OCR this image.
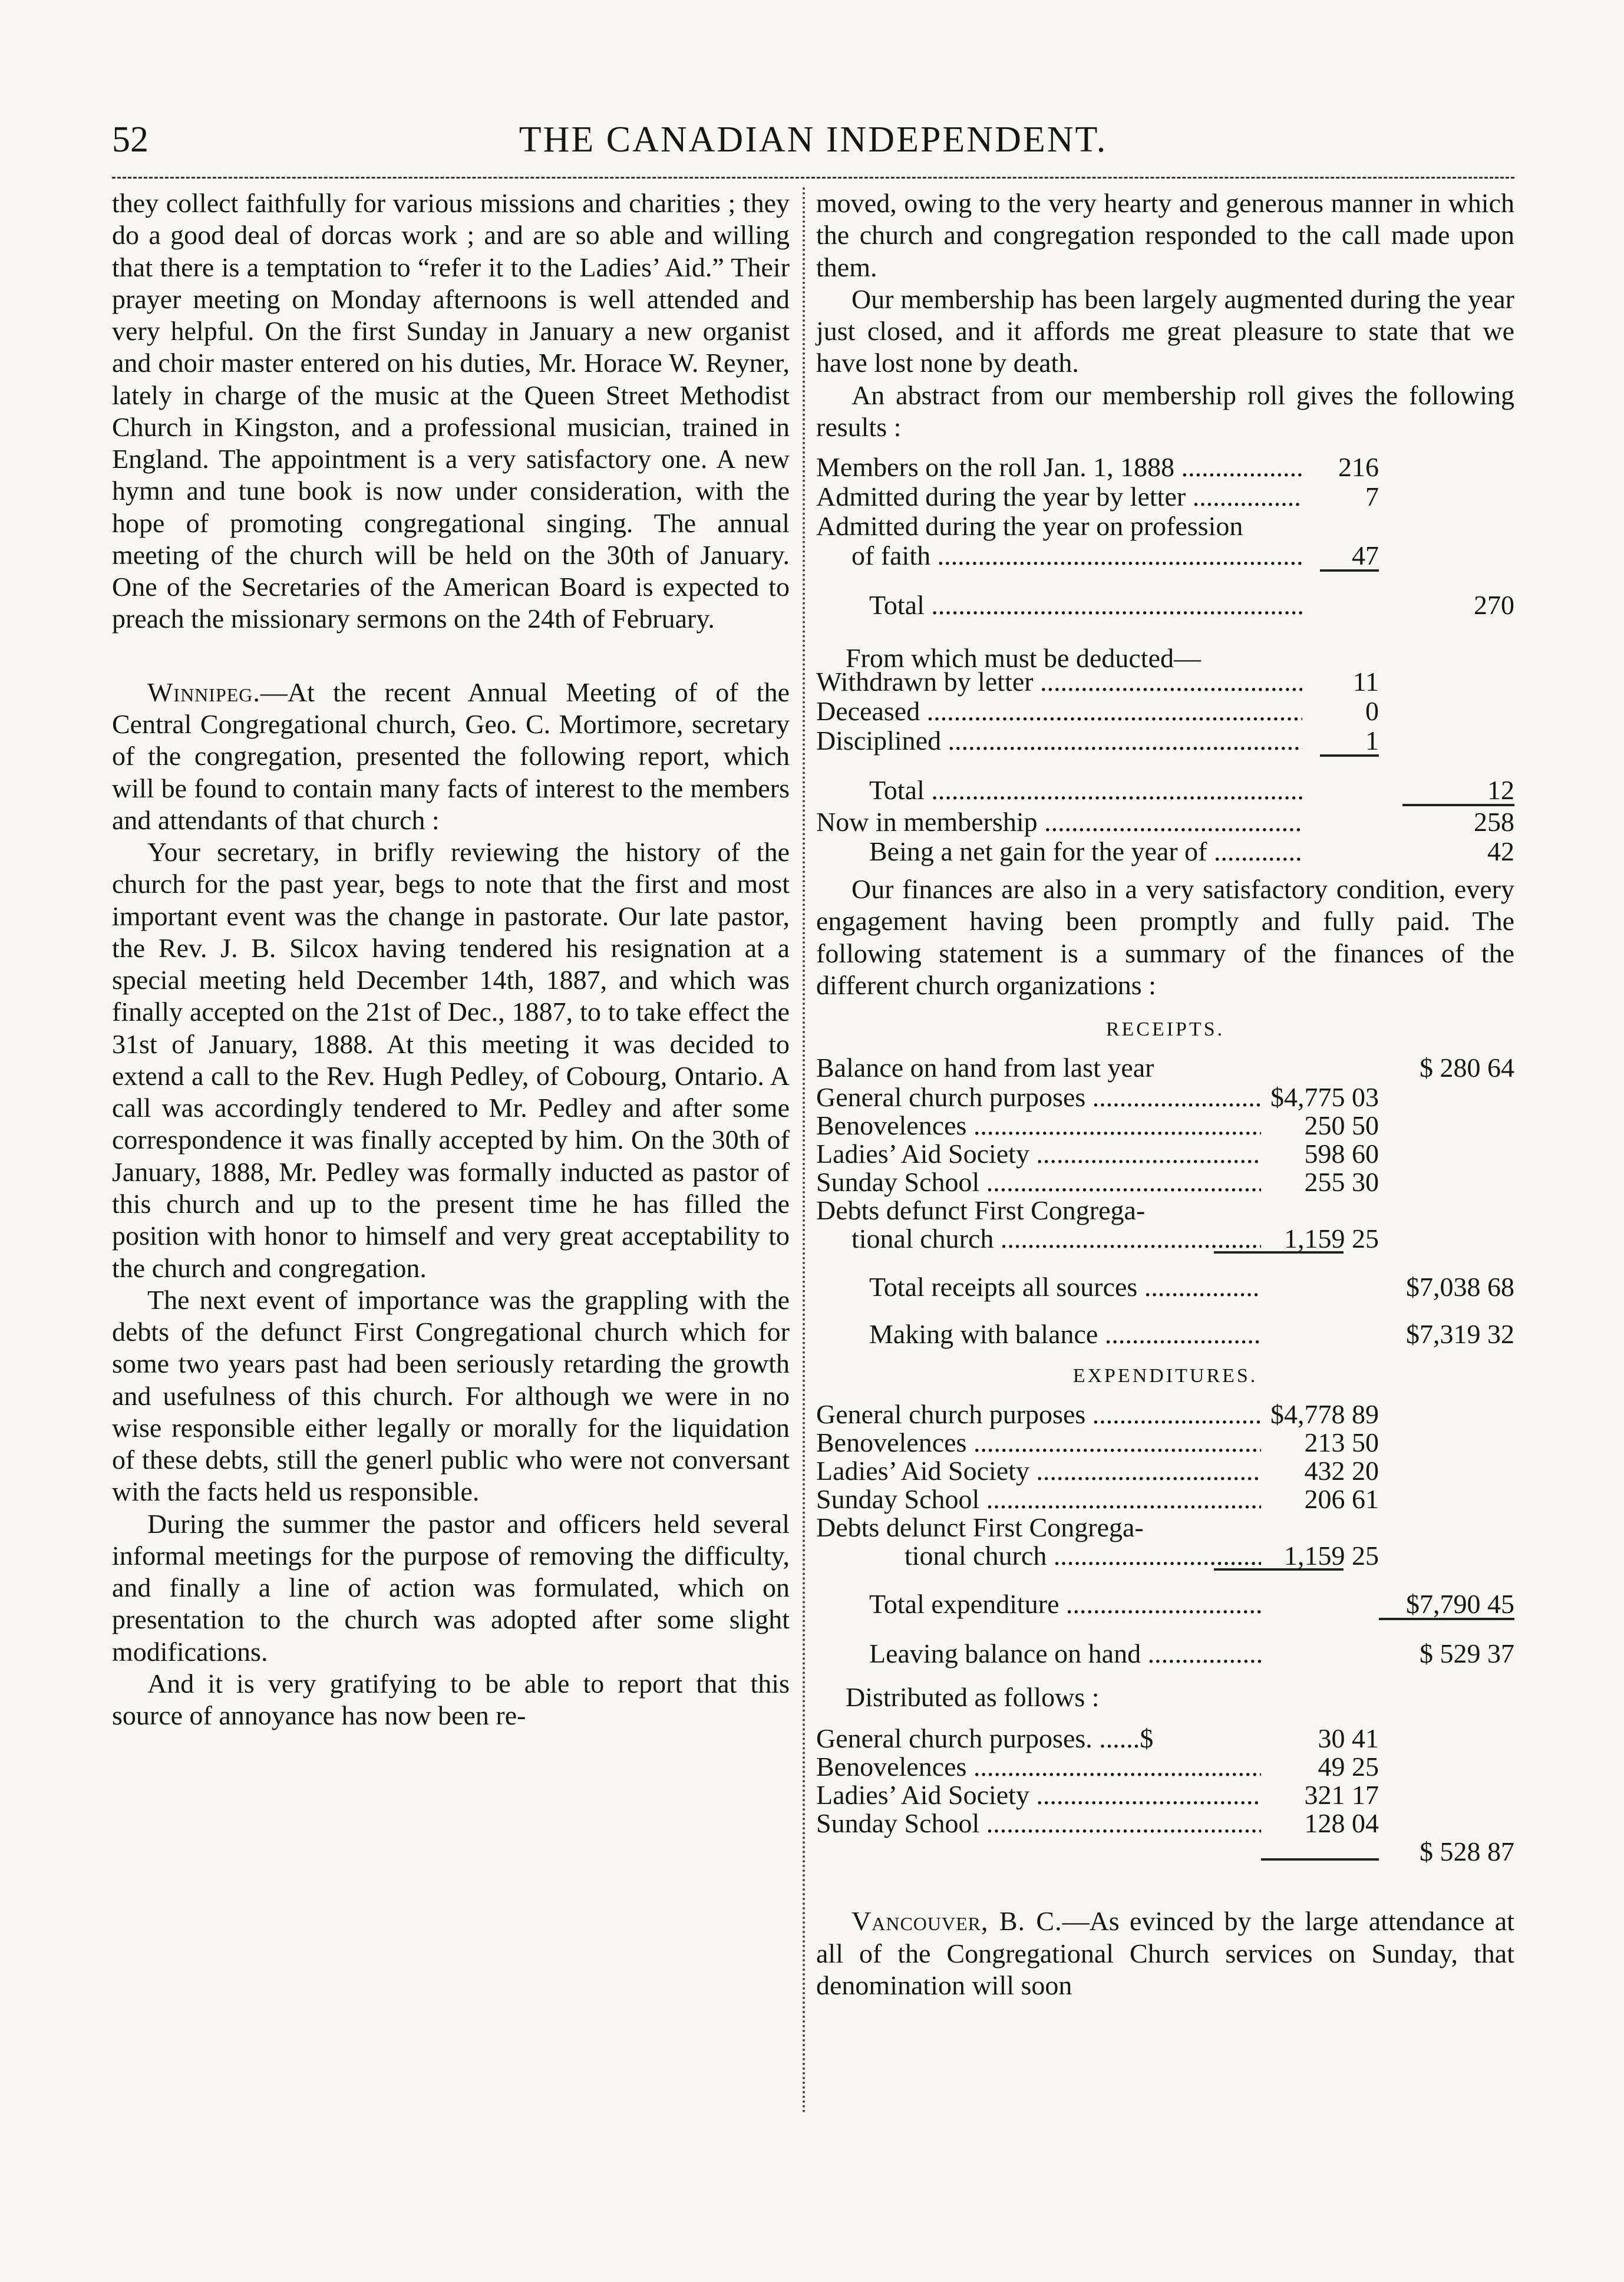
52	THE CANADIAN INDEPENDENT.

they collect faithfully for various missions and charities ; they do a good deal of dorcas work ; and are so able and willing that there is a temptation to “refer it to the Ladies’ Aid.” Their prayer meeting on Monday afternoons is well attended and very helpful. On the first Sunday in January a new organist and choir master entered on his duties, Mr. Horace W. Reyner, lately in charge of the music at the Queen Street Methodist Church in Kingston, and a professional musician, trained in England. The appointment is a very satisfactory one. A new hymn and tune book is now under consideration, with the hope of promoting congregational singing. The annual meeting of the church will be held on the 30th of January. One of the Secretaries of the American Board is expected to preach the missionary sermons on the 24th of February.

Winnipeg.—At the recent Annual Meeting of of the Central Congregational church, Geo. C. Mortimore, secretary of the congregation, presented the following report, which will be found to contain many facts of interest to the members and attendants of that church :

Your secretary, in brifly reviewing the history of the church for the past year, begs to note that the first and most important event was the change in pastorate. Our late pastor, the Rev. J. B. Silcox having tendered his resignation at a special meeting held December 14th, 1887, and which was finally accepted on the 21st of Dec., 1887, to to take effect the 31st of January, 1888. At this meeting it was decided to extend a call to the Rev. Hugh Pedley, of Cobourg, Ontario. A call was accordingly tendered to Mr. Pedley and after some correspondence it was finally accepted by him. On the 30th of January, 1888, Mr. Pedley was formally inducted as pastor of this church and up to the present time he has filled the position with honor to himself and very great acceptability to the church and congregation.

The next event of importance was the grappling with the debts of the defunct First Congregational church which for some two years past had been seriously retarding the growth and usefulness of this church. For although we were in no wise responsible either legally or morally for the liquidation of these debts, still the generl public who were not conversant with the facts held us responsible.

During the summer the pastor and officers held several informal meetings for the purpose of removing the difficulty, and finally a line of action was formulated, which on presentation to the church was adopted after some slight modifications.

And it is very gratifying to be able to report that this source of annoyance has now been re-

moved, owing to the very hearty and generous manner in which the church and congregation responded to the call made upon them.

Our membership has been largely augmented during the year just closed, and it affords me great pleasure to state that we have lost none by death.

An abstract from our membership roll gives the following results :

Members on the roll Jan. 1, 1888 .....	216
Admitted during the year by letter .....	7
Admitted during the year on profession
of faith .....	47
Total .....	270
From which must be deducted—
Withdrawn by letter .....	11
Deceased .....	0
Disciplined .....	1
Total .....	12
Now in membership .....	258
Being a net gain for the year of .....	42

Our finances are also in a very satisfactory condition, every engagement having been promptly and fully paid. The following statement is a summary of the finances of the different church organizations :

RECEIPTS.
Balance on hand from last year	$ 280 64
General church purposes .....	$4,775 03
Benovelences .....	250 50
Ladies’ Aid Society .....	598 60
Sunday School .....	255 30
Debts defunct First Congrega-
tional church .....	1,159 25
Total receipts all sources .....	$7,038 68
Making with balance .....	$7,319 32
EXPENDITURES.
General church purposes .....	$4,778 89
Benovelences .....	213 50
Ladies’ Aid Society .....	432 20
Sunday School .....	206 61
Debts delunct First Congrega-
tional church .....	1,159 25
Total expenditure .....	$7,790 45
Leaving balance on hand .....	$ 529 37
Distributed as follows :
General church purposes. ......$	30 41
Benovelences .....	49 25
Ladies’ Aid Society .....	321 17
Sunday School .....	128 04
$ 528 87

Vancouver, B. C.—As evinced by the large attendance at all of the Congregational Church services on Sunday, that denomination will soon
